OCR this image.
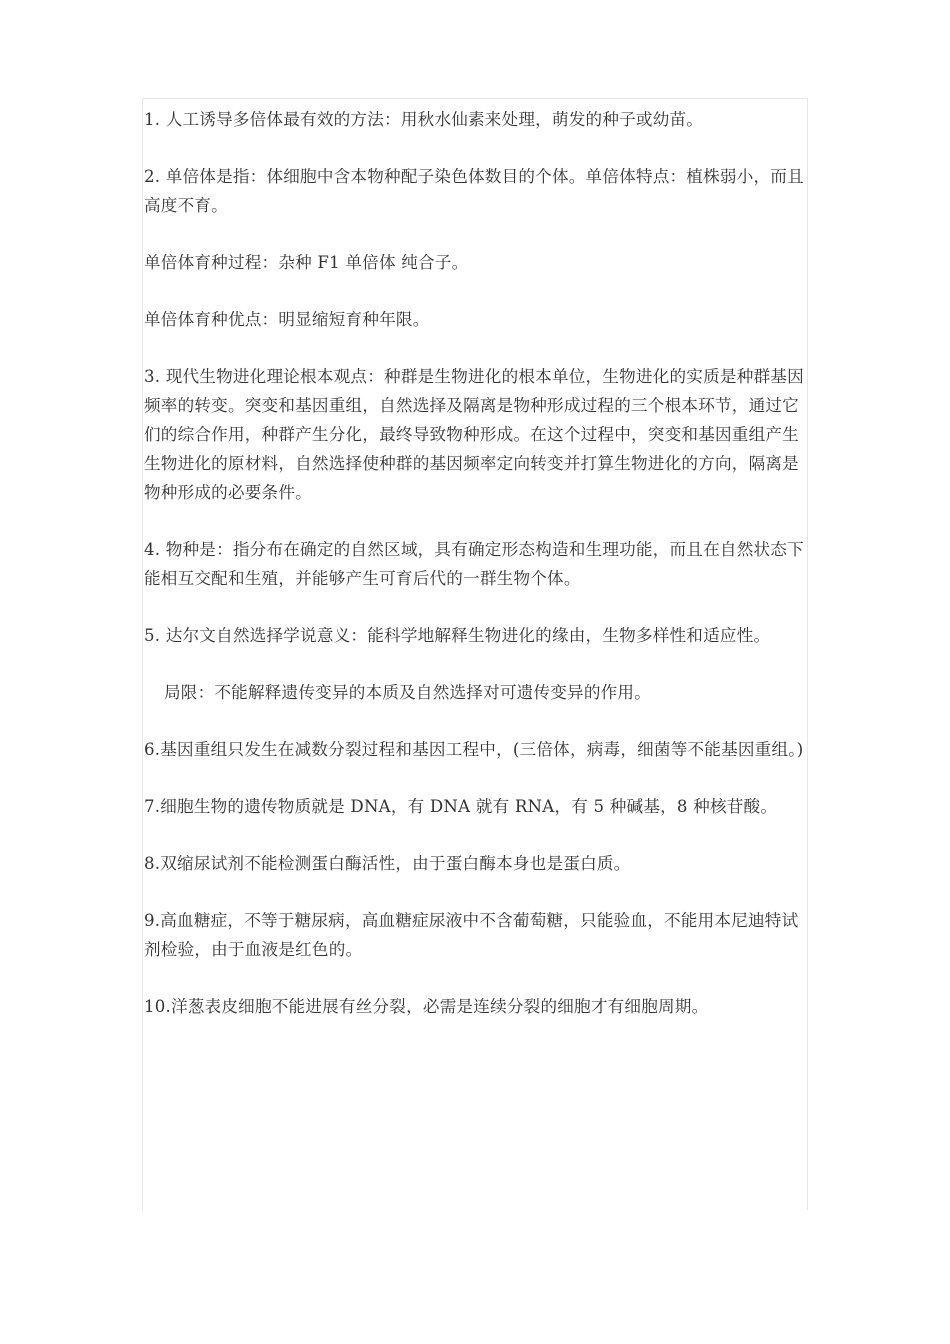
1. 人工诱导多倍体最有效的方法：用秋水仙素来处理，萌发的种子或幼苗。

2. 单倍体是指：体细胞中含本物种配子染色体数目的个体。单倍体特点：植株弱小，而且高度不育。

单倍体育种过程：杂种 F1 单倍体 纯合子。

单倍体育种优点：明显缩短育种年限。

3. 现代生物进化理论根本观点：种群是生物进化的根本单位，生物进化的实质是种群基因频率的转变。突变和基因重组，自然选择及隔离是物种形成过程的三个根本环节，通过它们的综合作用，种群产生分化，最终导致物种形成。在这个过程中，突变和基因重组产生生物进化的原材料，自然选择使种群的基因频率定向转变并打算生物进化的方向，隔离是物种形成的必要条件。

4. 物种是：指分布在确定的自然区域，具有确定形态构造和生理功能，而且在自然状态下能相互交配和生殖，并能够产生可育后代的一群生物个体。

5. 达尔文自然选择学说意义：能科学地解释生物进化的缘由，生物多样性和适应性。

局限：不能解释遗传变异的本质及自然选择对可遗传变异的作用。

6.基因重组只发生在减数分裂过程和基因工程中，(三倍体，病毒，细菌等不能基因重组。)

7.细胞生物的遗传物质就是 DNA，有 DNA 就有 RNA，有 5 种碱基，8 种核苷酸。

8.双缩尿试剂不能检测蛋白酶活性，由于蛋白酶本身也是蛋白质。

9.高血糖症，不等于糖尿病，高血糖症尿液中不含葡萄糖，只能验血，不能用本尼迪特试剂检验，由于血液是红色的。

10.洋葱表皮细胞不能进展有丝分裂，必需是连续分裂的细胞才有细胞周期。
